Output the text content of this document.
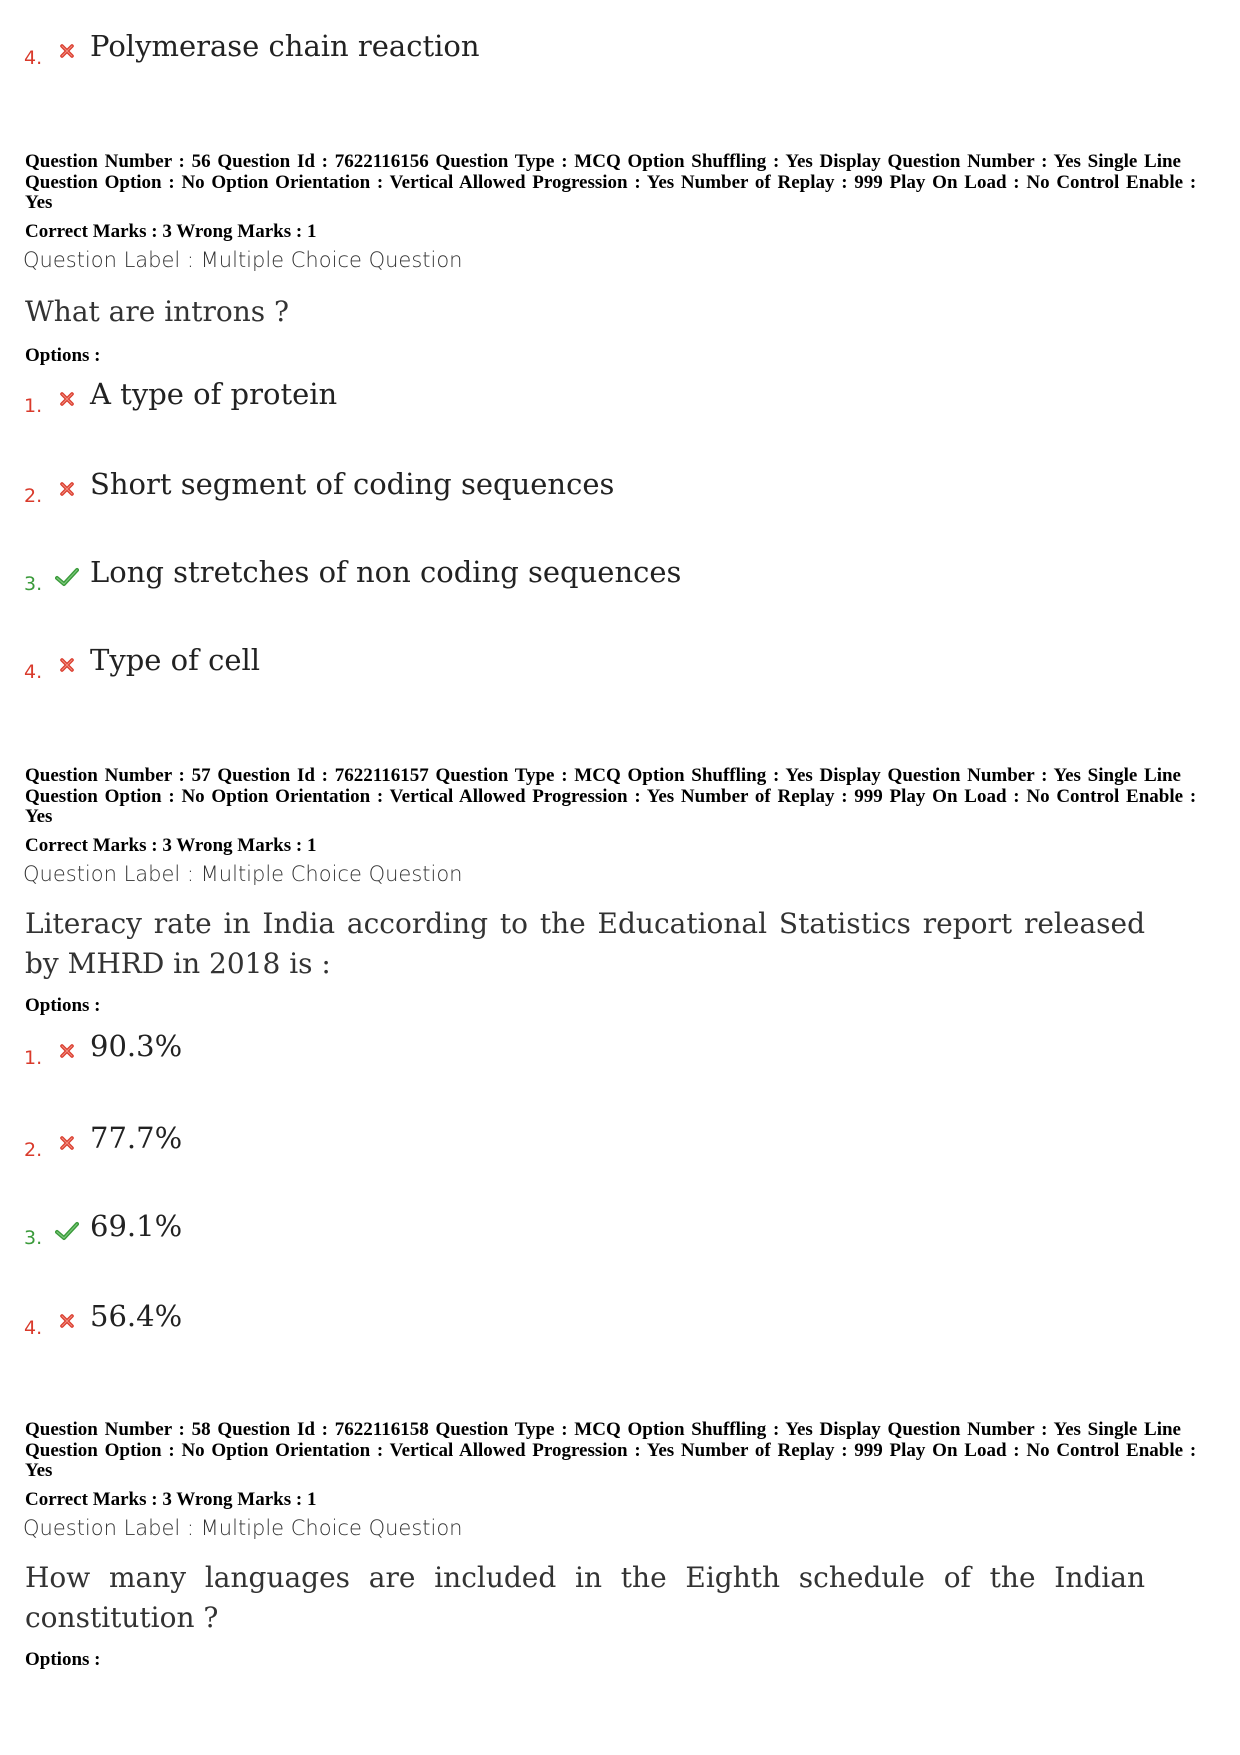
4.	Polymerase chain reaction
Question Number : 56 Question Id : 7622116156 Question Type : MCQ Option Shuffling : Yes Display Question Number : Yes Single Line Question Option : No Option Orientation : Vertical Allowed Progression : Yes Number of Replay : 999 Play On Load : No Control Enable : Yes
Correct Marks : 3 Wrong Marks : 1
Question Label : Multiple Choice Question
What are introns ?
Options :
1.	A type of protein
2.	Short segment of coding sequences
3.	Long stretches of non coding sequences
4.	Type of cell
Question Number : 57 Question Id : 7622116157 Question Type : MCQ Option Shuffling : Yes Display Question Number : Yes Single Line Question Option : No Option Orientation : Vertical Allowed Progression : Yes Number of Replay : 999 Play On Load : No Control Enable : Yes
Correct Marks : 3 Wrong Marks : 1
Question Label : Multiple Choice Question
Literacy rate in India according to the Educational Statistics report released by MHRD in 2018 is :
Options :
1.	90.3%
2.	77.7%
3.	69.1%
4.	56.4%
Question Number : 58 Question Id : 7622116158 Question Type : MCQ Option Shuffling : Yes Display Question Number : Yes Single Line Question Option : No Option Orientation : Vertical Allowed Progression : Yes Number of Replay : 999 Play On Load : No Control Enable : Yes
Correct Marks : 3 Wrong Marks : 1
Question Label : Multiple Choice Question
How many languages are included in the Eighth schedule of the Indian constitution ?
Options :
